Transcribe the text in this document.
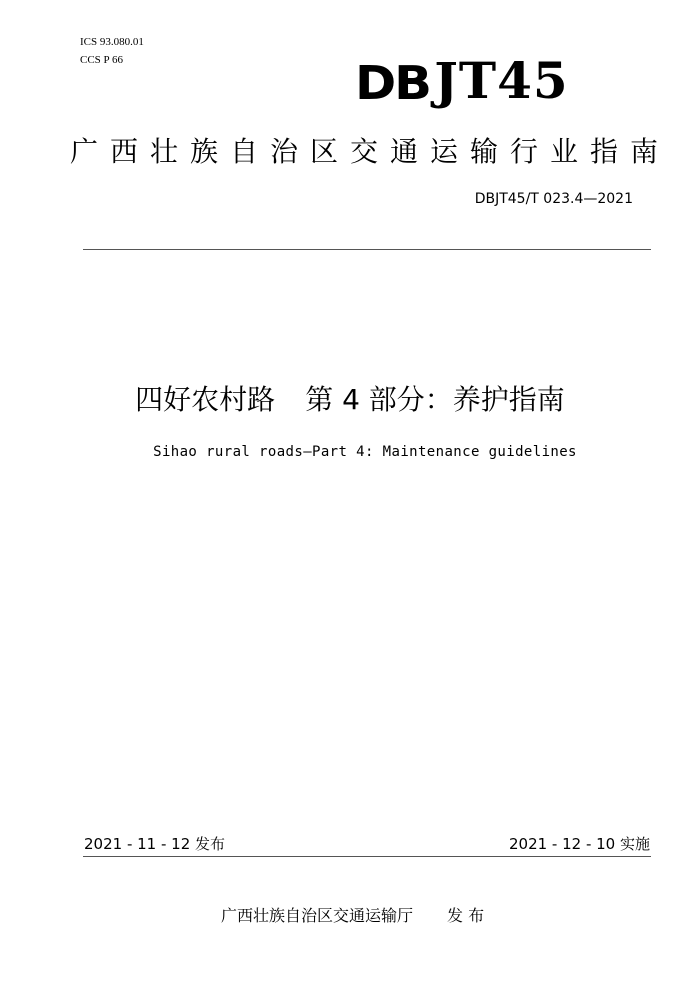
ICS 93.080.01
CCS P 66	DB JT45
广西壮族自治区交通运输行业指南
DBJT45/T 023.4—2021
四好农村路 第 4 部分：养护指南
Sihao rural roads—Part 4: Maintenance guidelines
2021 - 11 - 12 发布	2021 - 12 - 10 实施
广西壮族自治区交通运输厅 发 布
